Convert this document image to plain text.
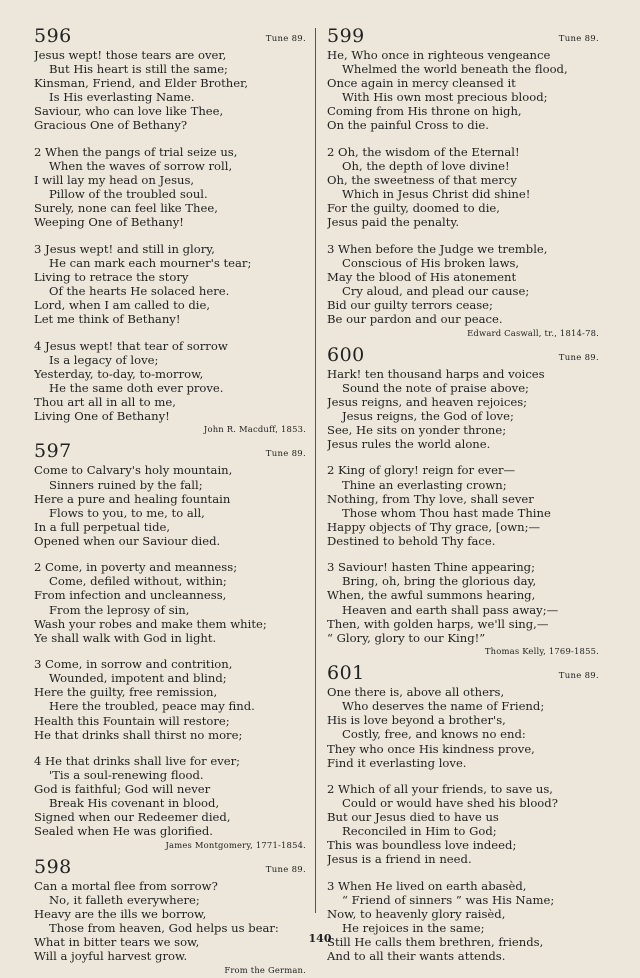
596	Tune 89.
Jesus wept! those tears are over,
But His heart is still the same;
Kinsman, Friend, and Elder Brother,
Is His everlasting Name.
Saviour, who can love like Thee,
Gracious One of Bethany?
2 When the pangs of trial seize us,
When the waves of sorrow roll,
I will lay my head on Jesus,
Pillow of the troubled soul.
Surely, none can feel like Thee,
Weeping One of Bethany!
3 Jesus wept! and still in glory,
He can mark each mourner's tear;
Living to retrace the story
Of the hearts He solaced here.
Lord, when I am called to die,
Let me think of Bethany!
4 Jesus wept! that tear of sorrow
Is a legacy of love;
Yesterday, to-day, to-morrow,
He the same doth ever prove.
Thou art all in all to me,
Living One of Bethany!
John R. Macduff, 1853.
597	Tune 89.
Come to Calvary's holy mountain,
Sinners ruined by the fall;
Here a pure and healing fountain
Flows to you, to me, to all,
In a full perpetual tide,
Opened when our Saviour died.
2 Come, in poverty and meanness;
Come, defiled without, within;
From infection and uncleanness,
From the leprosy of sin,
Wash your robes and make them white;
Ye shall walk with God in light.
3 Come, in sorrow and contrition,
Wounded, impotent and blind;
Here the guilty, free remission,
Here the troubled, peace may find.
Health this Fountain will restore;
He that drinks shall thirst no more;
4 He that drinks shall live for ever;
'Tis a soul-renewing flood.
God is faithful; God will never
Break His covenant in blood,
Signed when our Redeemer died,
Sealed when He was glorified.
James Montgomery, 1771-1854.
598	Tune 89.
Can a mortal flee from sorrow?
No, it falleth everywhere;
Heavy are the ills we borrow,
Those from heaven, God helps us bear:
What in bitter tears we sow,
Will a joyful harvest grow.
From the German.
599	Tune 89.
He, Who once in righteous vengeance
Whelmed the world beneath the flood,
Once again in mercy cleansed it
With His own most precious blood;
Coming from His throne on high,
On the painful Cross to die.
2 Oh, the wisdom of the Eternal!
Oh, the depth of love divine!
Oh, the sweetness of that mercy
Which in Jesus Christ did shine!
For the guilty, doomed to die,
Jesus paid the penalty.
3 When before the Judge we tremble,
Conscious of His broken laws,
May the blood of His atonement
Cry aloud, and plead our cause;
Bid our guilty terrors cease;
Be our pardon and our peace.
Edward Caswall, tr., 1814-78.
600	Tune 89.
Hark! ten thousand harps and voices
Sound the note of praise above;
Jesus reigns, and heaven rejoices;
Jesus reigns, the God of love;
See, He sits on yonder throne;
Jesus rules the world alone.
2 King of glory! reign for ever—
Thine an everlasting crown;
Nothing, from Thy love, shall sever
Those whom Thou hast made Thine
Happy objects of Thy grace, [own;—
Destined to behold Thy face.
3 Saviour! hasten Thine appearing;
Bring, oh, bring the glorious day,
When, the awful summons hearing,
Heaven and earth shall pass away;—
Then, with golden harps, we'll sing,—
“ Glory, glory to our King!”
Thomas Kelly, 1769-1855.
601	Tune 89.
One there is, above all others,
Who deserves the name of Friend;
His is love beyond a brother's,
Costly, free, and knows no end:
They who once His kindness prove,
Find it everlasting love.
2 Which of all your friends, to save us,
Could or would have shed his blood?
But our Jesus died to have us
Reconciled in Him to God;
This was boundless love indeed;
Jesus is a friend in need.
3 When He lived on earth abasèd,
“ Friend of sinners ” was His Name;
Now, to heavenly glory raisèd,
He rejoices in the same;
Still He calls them brethren, friends,
And to all their wants attends.
140
